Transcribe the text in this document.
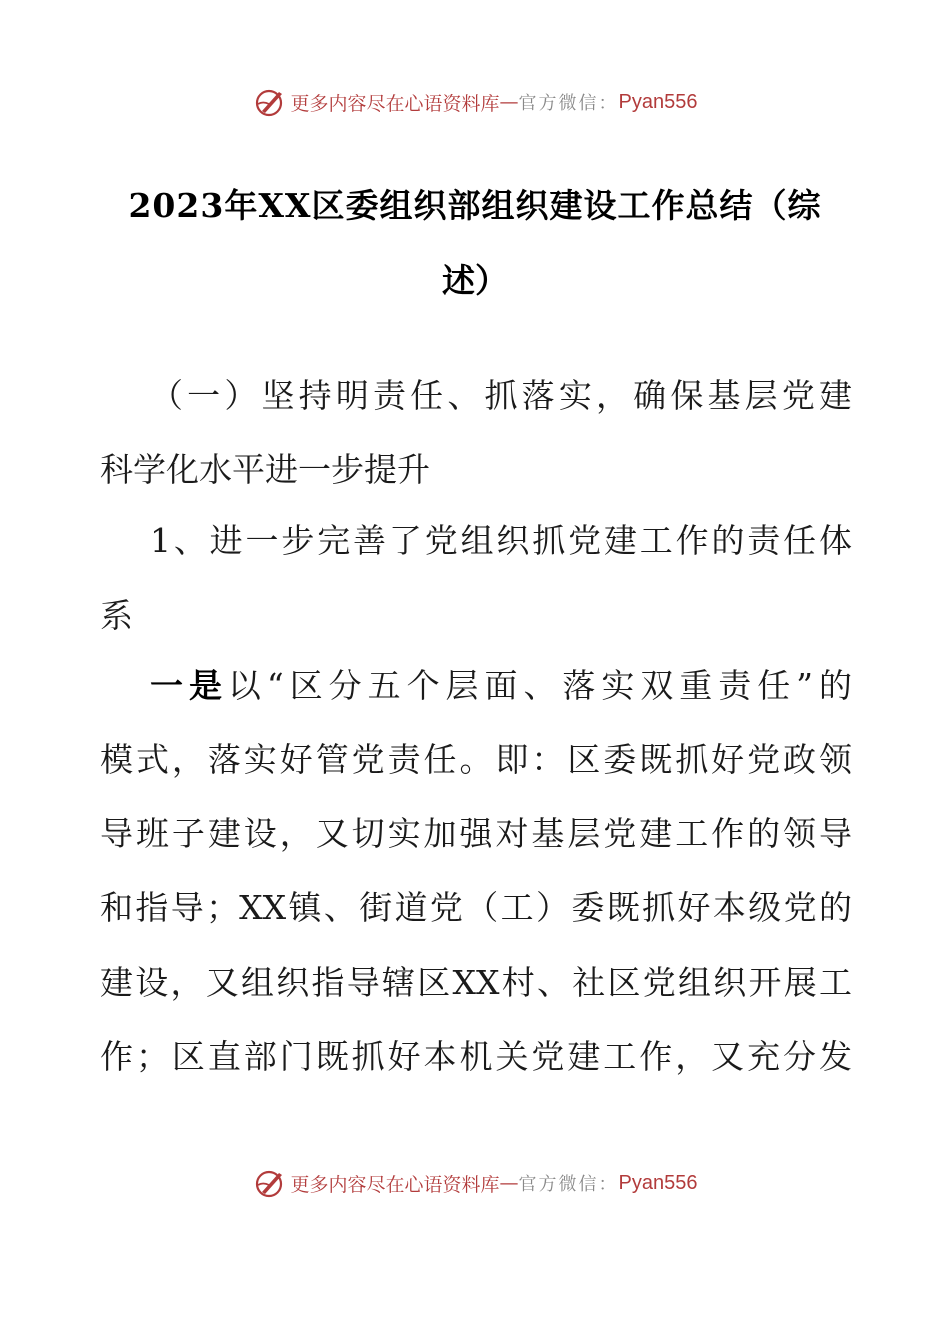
更多内容尽在心语资料库 — 官方微信： Pyan556
2023年XX区委组织部组织建设工作总结（综
述）
（一）坚持明责任、抓落实，确保基层党建
科学化水平进一步提升
1、进一步完善了党组织抓党建工作的责任体
系
一是以“区分五个层面、落实双重责任”的
模式，落实好管党责任。即：区委既抓好党政领
导班子建设，又切实加强对基层党建工作的领导
和指导；XX镇、街道党（工）委既抓好本级党的
建设，又组织指导辖区XX村、社区党组织开展工
作；区直部门既抓好本机关党建工作，又充分发
更多内容尽在心语资料库 — 官方微信： Pyan556
